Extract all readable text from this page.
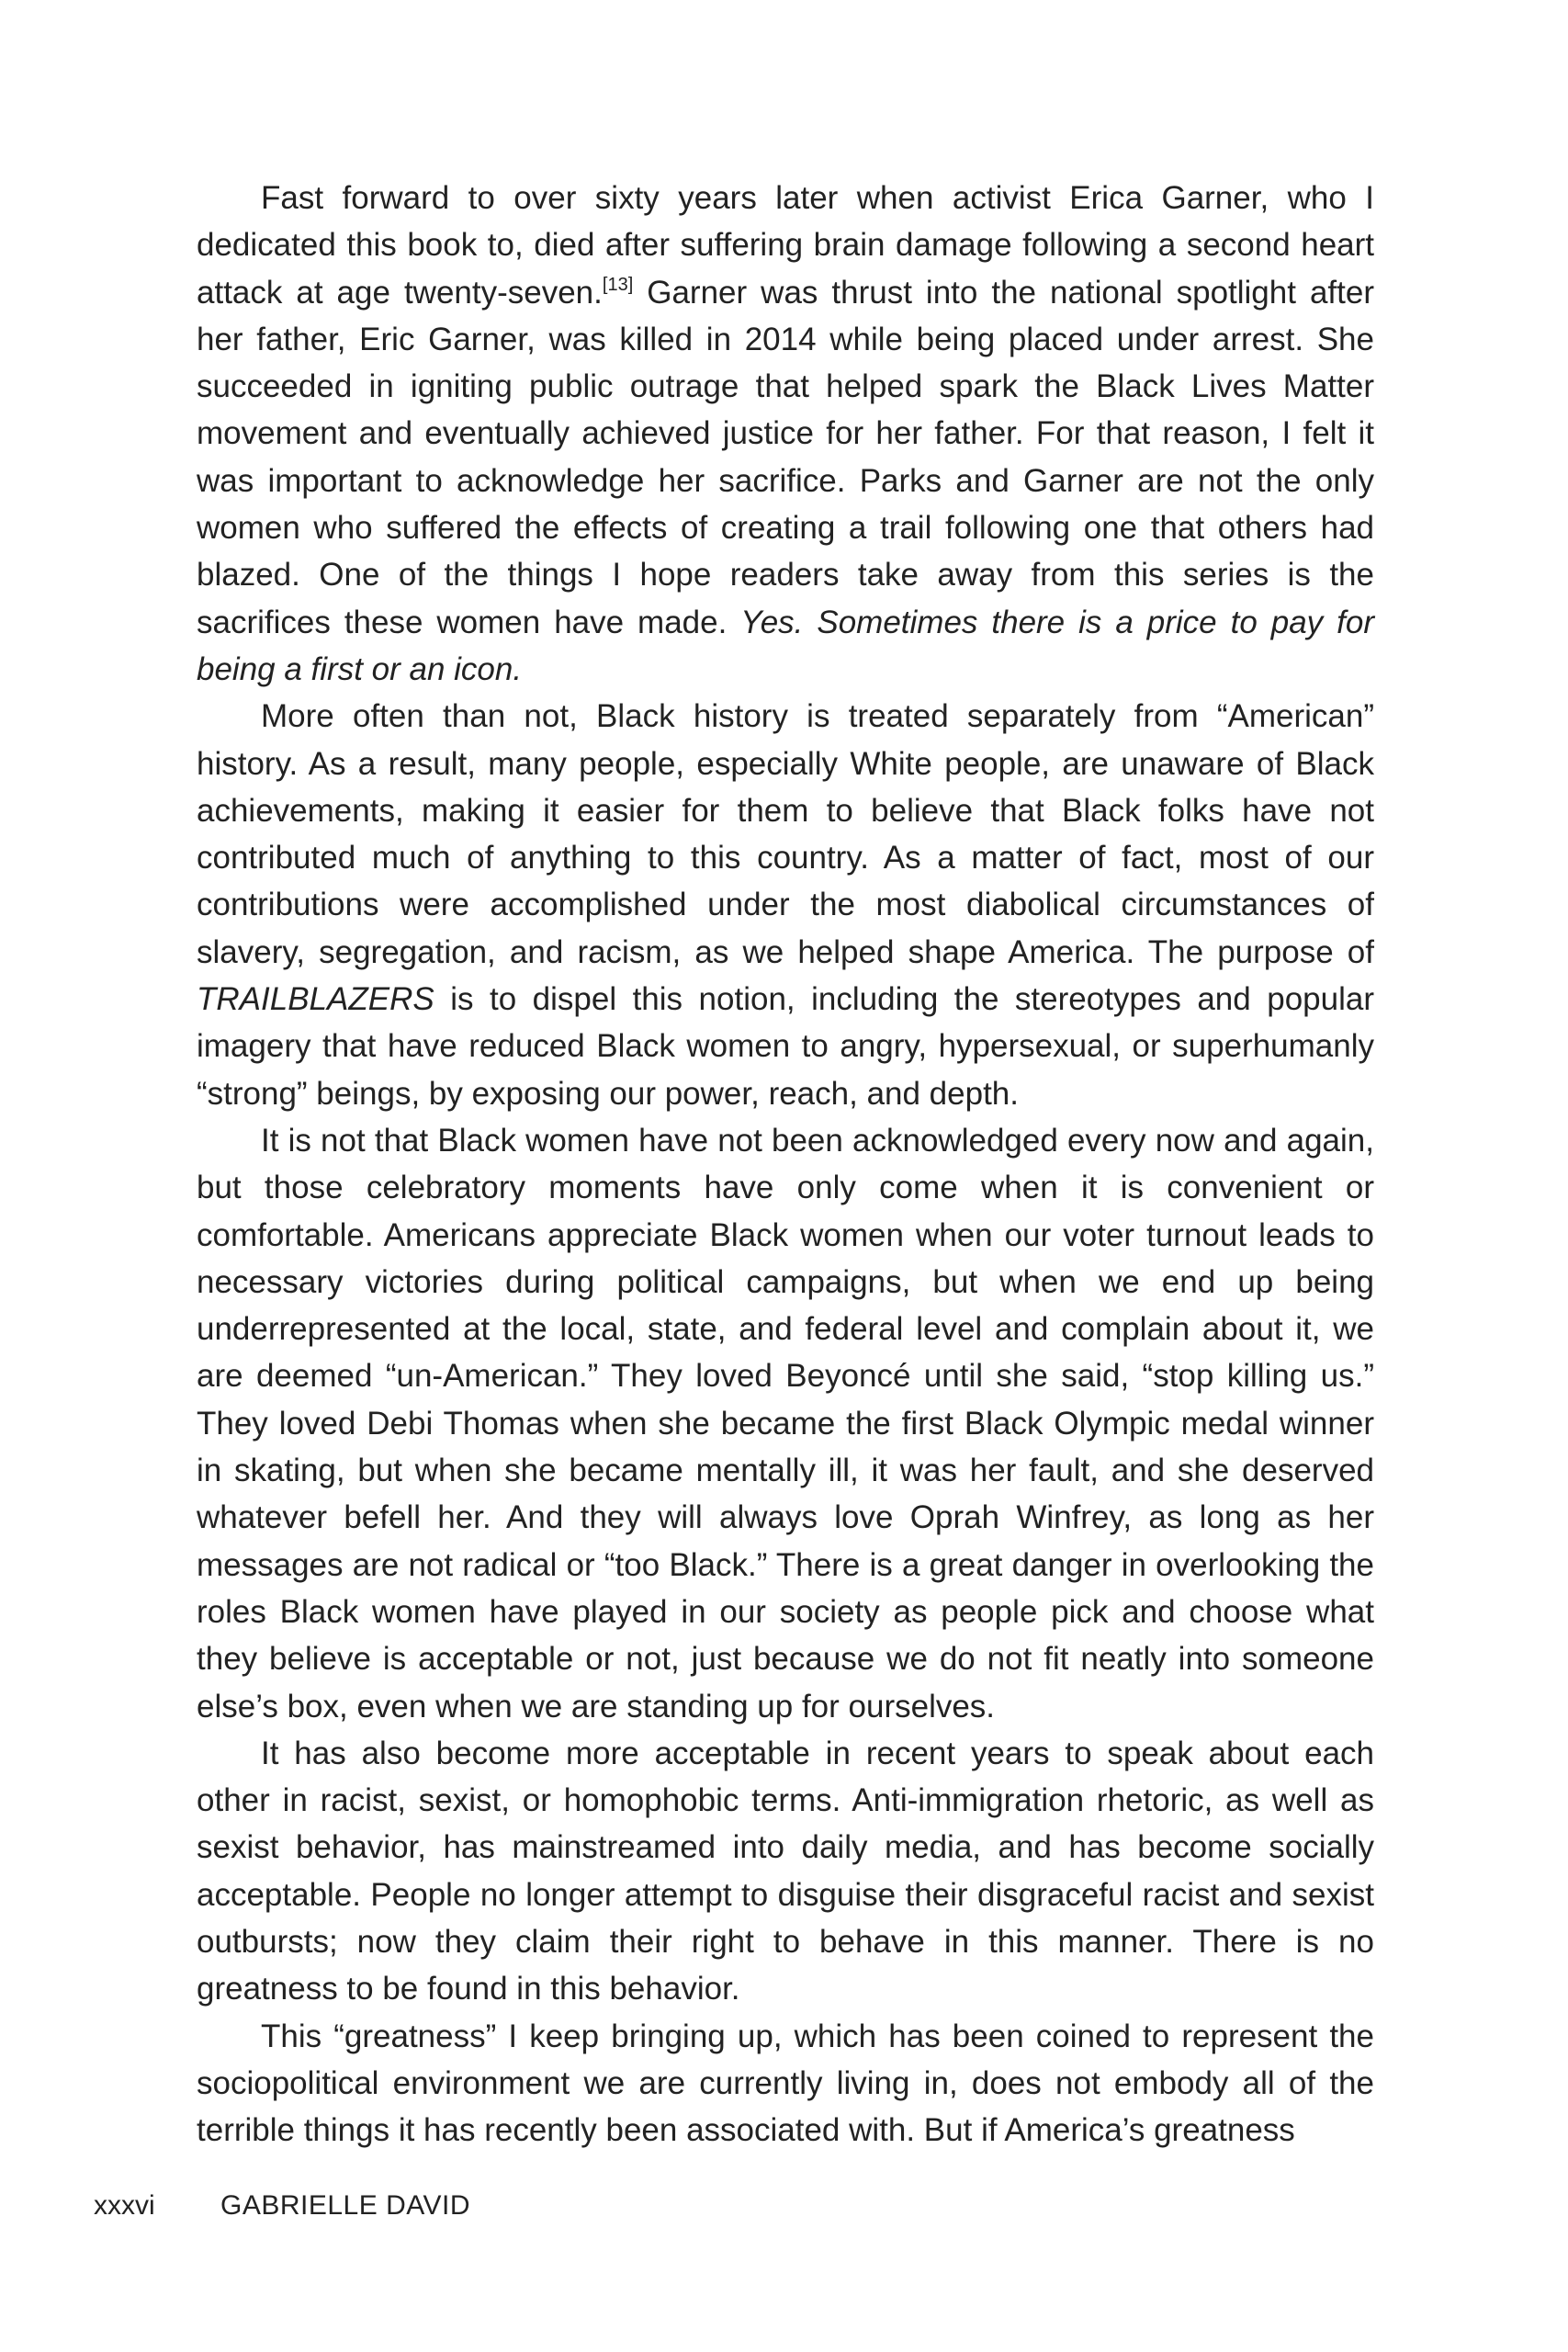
Fast forward to over sixty years later when activist Erica Garner, who I dedicated this book to, died after suffering brain damage following a second heart attack at age twenty-seven.[13] Garner was thrust into the national spotlight after her father, Eric Garner, was killed in 2014 while being placed under arrest. She succeeded in igniting public outrage that helped spark the Black Lives Matter movement and eventually achieved justice for her father. For that reason, I felt it was important to acknowledge her sacrifice. Parks and Garner are not the only women who suffered the effects of creating a trail following one that others had blazed. One of the things I hope readers take away from this series is the sacrifices these women have made. Yes. Sometimes there is a price to pay for being a first or an icon.

More often than not, Black history is treated separately from “American” history. As a result, many people, especially White people, are unaware of Black achievements, making it easier for them to believe that Black folks have not contributed much of anything to this country. As a matter of fact, most of our contributions were accomplished under the most diabolical circumstances of slavery, segregation, and racism, as we helped shape America. The purpose of TRAILBLAZERS is to dispel this notion, including the stereotypes and popular imagery that have reduced Black women to angry, hypersexual, or superhumanly “strong” beings, by exposing our power, reach, and depth.

It is not that Black women have not been acknowledged every now and again, but those celebratory moments have only come when it is convenient or comfortable. Americans appreciate Black women when our voter turnout leads to necessary victories during political campaigns, but when we end up being underrepresented at the local, state, and federal level and complain about it, we are deemed “un-American.” They loved Beyoncé until she said, “stop killing us.” They loved Debi Thomas when she became the first Black Olympic medal winner in skating, but when she became mentally ill, it was her fault, and she deserved whatever befell her. And they will always love Oprah Winfrey, as long as her messages are not radical or “too Black.” There is a great danger in overlooking the roles Black women have played in our society as people pick and choose what they believe is acceptable or not, just because we do not fit neatly into someone else’s box, even when we are standing up for ourselves.

It has also become more acceptable in recent years to speak about each other in racist, sexist, or homophobic terms. Anti-immigration rhetoric, as well as sexist behavior, has mainstreamed into daily media, and has become socially acceptable. People no longer attempt to disguise their disgraceful racist and sexist outbursts; now they claim their right to behave in this manner. There is no greatness to be found in this behavior.

This “greatness” I keep bringing up, which has been coined to represent the sociopolitical environment we are currently living in, does not embody all of the terrible things it has recently been associated with. But if America’s greatness

xxxvi GABRIELLE DAVID
